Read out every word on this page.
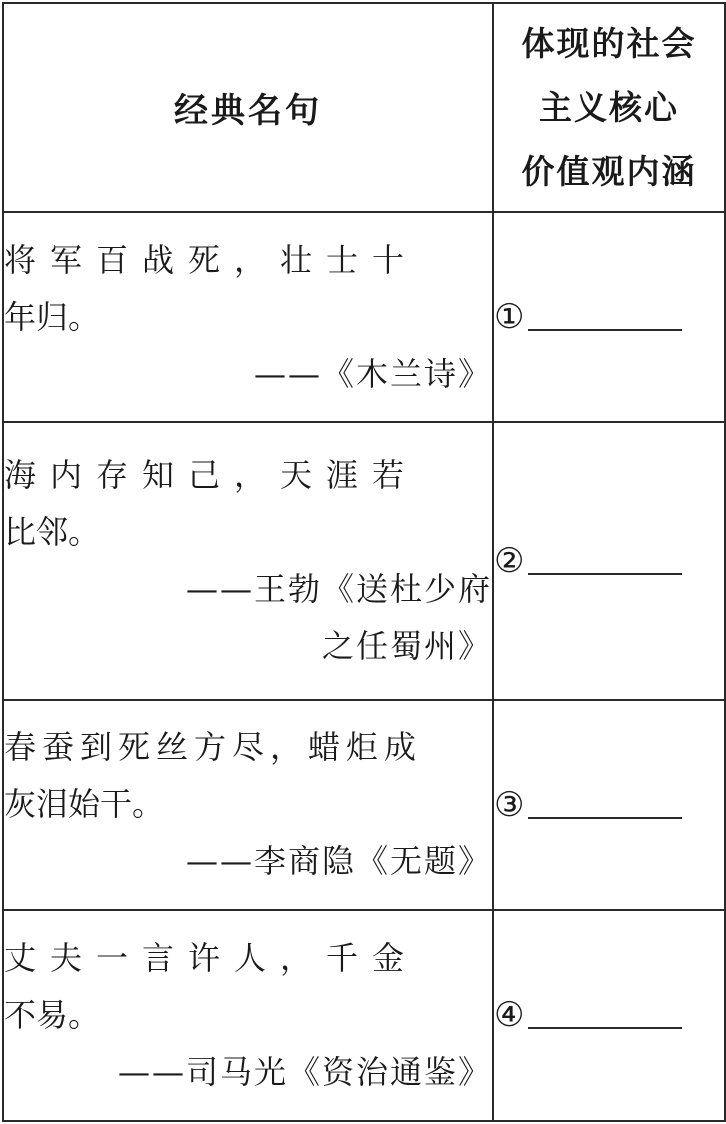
经典名句	体现的社会
主义核心
价值观内涵

将军百战死，壮士十
年归。
——《木兰诗》	①

海内存知己，天涯若
比邻。
——王勃《送杜少府
之任蜀州》	②

春蚕到死丝方尽，蜡炬成
灰泪始干。
——李商隐《无题》	③

丈夫一言许人，千金
不易。
——司马光《资治通鉴》	④
